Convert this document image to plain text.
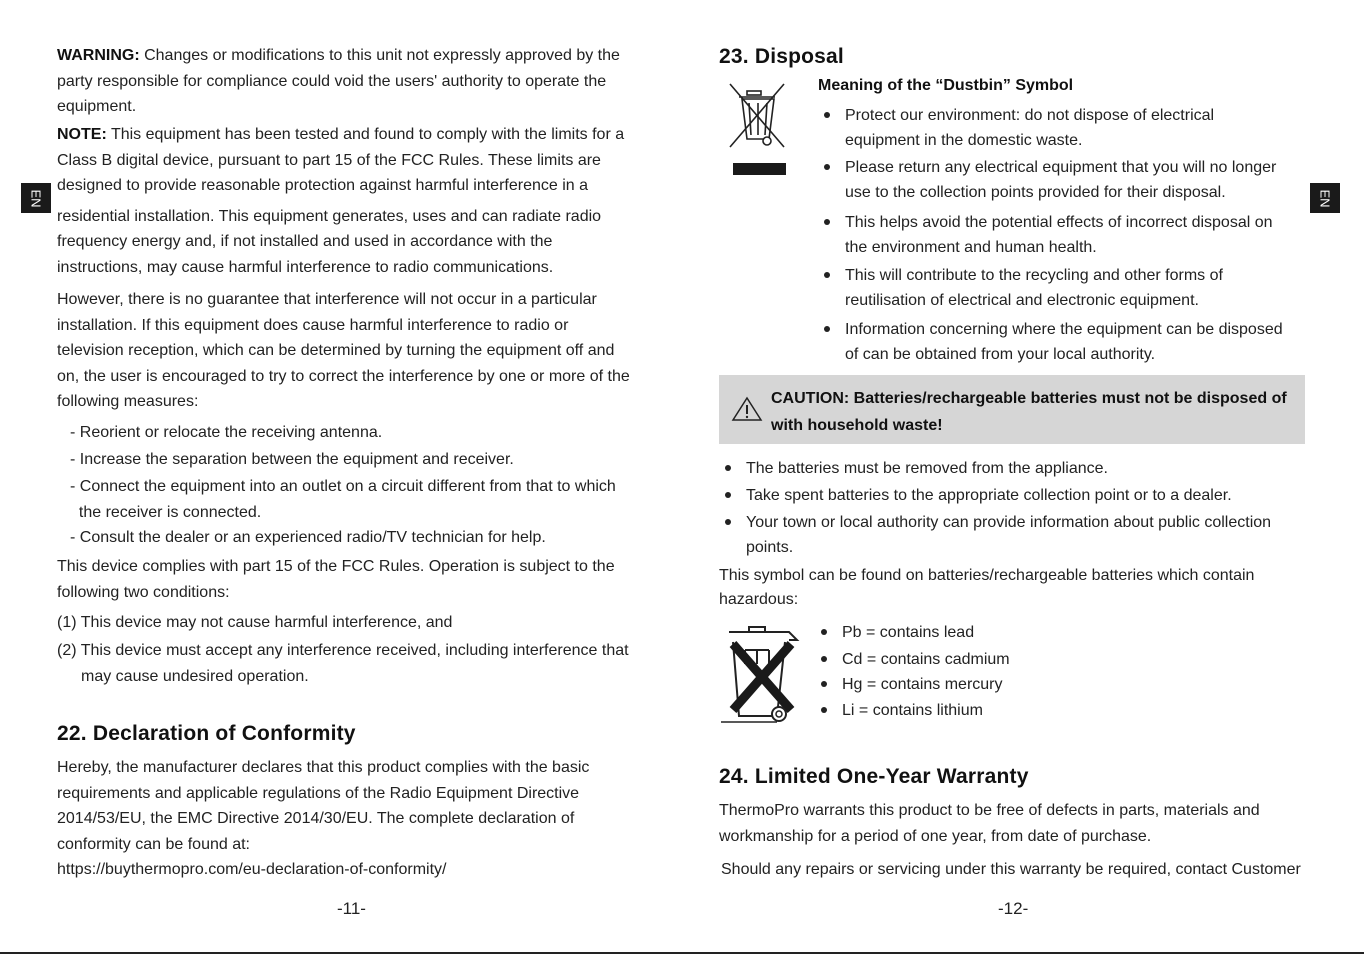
EN	EN

WARNING: Changes or modifications to this unit not expressly approved by the
party responsible for compliance could void the users' authority to operate the
equipment.

NOTE: This equipment has been tested and found to comply with the limits for a
Class B digital device, pursuant to part 15 of the FCC Rules. These limits are
designed to provide reasonable protection against harmful interference in a

residential installation. This equipment generates, uses and can radiate radio
frequency energy and, if not installed and used in accordance with the
instructions, may cause harmful interference to radio communications.

However, there is no guarantee that interference will not occur in a particular
installation. If this equipment does cause harmful interference to radio or
television reception, which can be determined by turning the equipment off and
on, the user is encouraged to try to correct the interference by one or more of the
following measures:

- Reorient or relocate the receiving antenna.

- Increase the separation between the equipment and receiver.
- Connect the equipment into an outlet on a circuit different from that to which
the receiver is connected.
- Consult the dealer or an experienced radio/TV technician for help.

This device complies with part 15 of the FCC Rules. Operation is subject to the
following two conditions:

(1) This device may not cause harmful interference, and

(2) This device must accept any interference received, including interference that
may cause undesired operation.

22. Declaration of Conformity

Hereby, the manufacturer declares that this product complies with the basic
requirements and applicable regulations of the Radio Equipment Directive
2014/53/EU, the EMC Directive 2014/30/EU. The complete declaration of
conformity can be found at:
https://buythermopro.com/eu-declaration-of-conformity/

-11-
23. Disposal
Meaning of the “Dustbin” Symbol
Protect our environment: do not dispose of electrical
equipment in the domestic waste.
Please return any electrical equipment that you will no longer
use to the collection points provided for their disposal.
This helps avoid the potential effects of incorrect disposal on
the environment and human health.
This will contribute to the recycling and other forms of
reutilisation of electrical and electronic equipment.
Information concerning where the equipment can be disposed
of can be obtained from your local authority.

CAUTION: Batteries/rechargeable batteries must not be disposed of
with household waste!

The batteries must be removed from the appliance.
Take spent batteries to the appropriate collection point or to a dealer.
Your town or local authority can provide information about public collection
points.

This symbol can be found on batteries/rechargeable batteries which contain
hazardous:

Pb = contains lead
Cd = contains cadmium
Hg = contains mercury
Li = contains lithium
24. Limited One-Year Warranty

ThermoPro warrants this product to be free of defects in parts, materials and
workmanship for a period of one year, from date of purchase.

Should any repairs or servicing under this warranty be required, contact Customer

-12-
